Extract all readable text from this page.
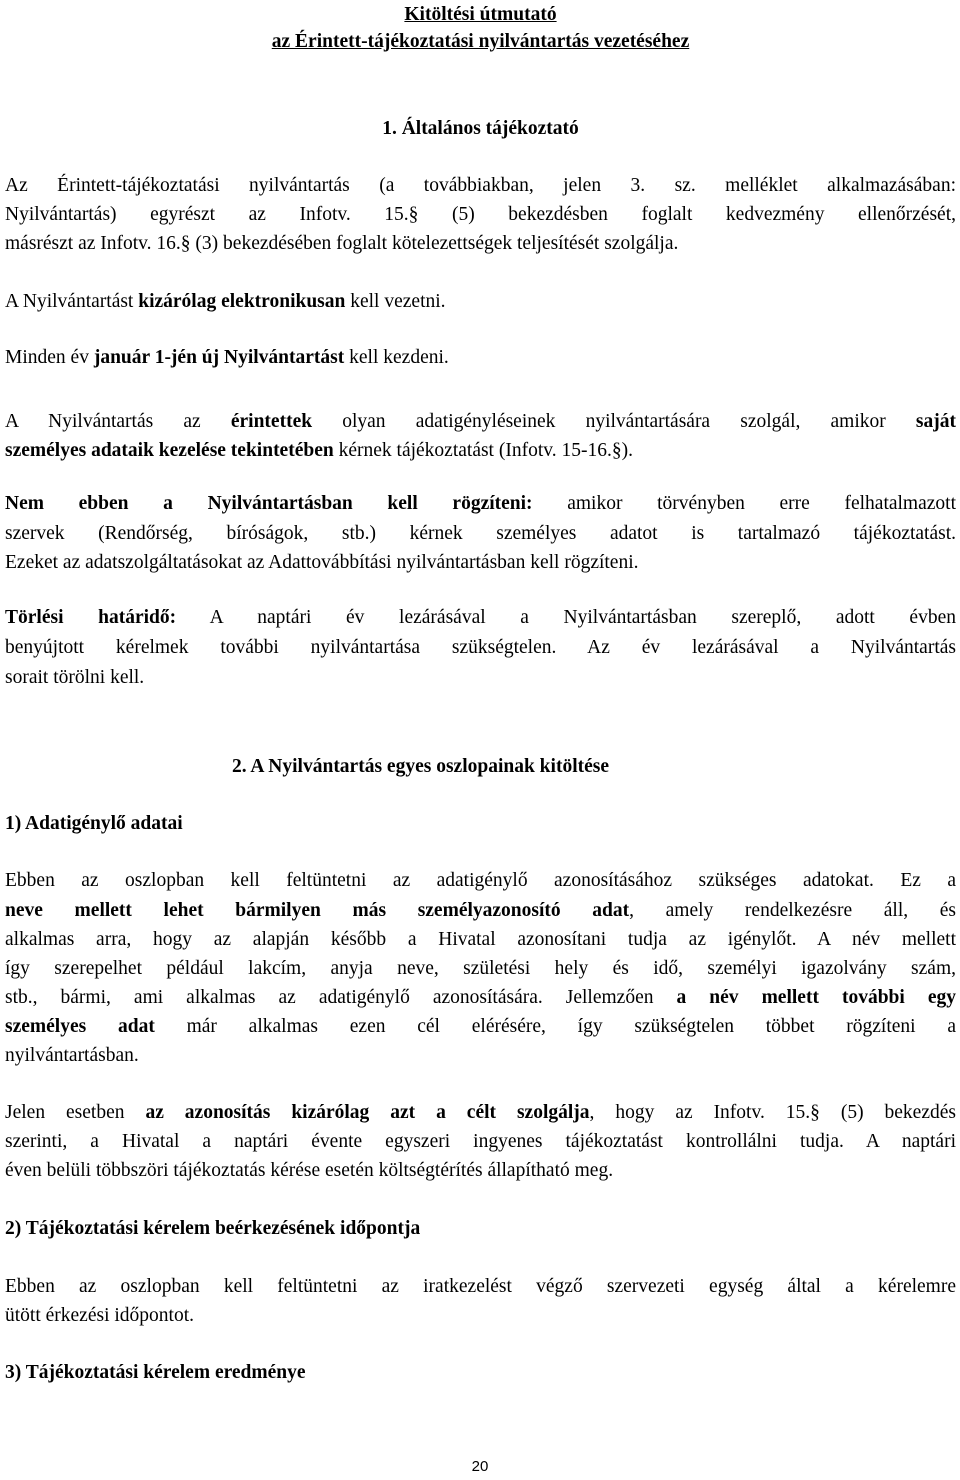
Kitöltési útmutató
az Érintett-tájékoztatási nyilvántartás vezetéséhez
1. Általános tájékoztató
Az Érintett-tájékoztatási nyilvántartás (a továbbiakban, jelen 3. sz. melléklet alkalmazásában:
Nyilvántartás) egyrészt az Infotv. 15.§ (5) bekezdésben foglalt kedvezmény ellenőrzését,
másrészt az Infotv. 16.§ (3) bekezdésében foglalt kötelezettségek teljesítését szolgálja.
A Nyilvántartást kizárólag elektronikusan kell vezetni.
Minden év január 1-jén új Nyilvántartást kell kezdeni.
A Nyilvántartás az érintettek olyan adatigényléseinek nyilvántartására szolgál, amikor saját
személyes adataik kezelése tekintetében kérnek tájékoztatást (Infotv. 15-16.§).
Nem ebben a Nyilvántartásban kell rögzíteni: amikor törvényben erre felhatalmazott
szervek (Rendőrség, bíróságok, stb.) kérnek személyes adatot is tartalmazó tájékoztatást.
Ezeket az adatszolgáltatásokat az Adattovábbítási nyilvántartásban kell rögzíteni.
Törlési határidő: A naptári év lezárásával a Nyilvántartásban szereplő, adott évben
benyújtott kérelmek további nyilvántartása szükségtelen. Az év lezárásával a Nyilvántartás
sorait törölni kell.
2. A Nyilvántartás egyes oszlopainak kitöltése
1) Adatigénylő adatai
Ebben az oszlopban kell feltüntetni az adatigénylő azonosításához szükséges adatokat. Ez a
neve mellett lehet bármilyen más személyazonosító adat, amely rendelkezésre áll, és
alkalmas arra, hogy az alapján később a Hivatal azonosítani tudja az igénylőt. A név mellett
így szerepelhet például lakcím, anyja neve, születési hely és idő, személyi igazolvány szám,
stb., bármi, ami alkalmas az adatigénylő azonosítására. Jellemzően a név mellett további egy
személyes adat már alkalmas ezen cél elérésére, így szükségtelen többet rögzíteni a
nyilvántartásban.
Jelen esetben az azonosítás kizárólag azt a célt szolgálja, hogy az Infotv. 15.§ (5) bekezdés
szerinti, a Hivatal a naptári évente egyszeri ingyenes tájékoztatást kontrollálni tudja. A naptári
éven belüli többszöri tájékoztatás kérése esetén költségtérítés állapítható meg.
2) Tájékoztatási kérelem beérkezésének időpontja
Ebben az oszlopban kell feltüntetni az iratkezelést végző szervezeti egység által a kérelemre
ütött érkezési időpontot.
3) Tájékoztatási kérelem eredménye
20
